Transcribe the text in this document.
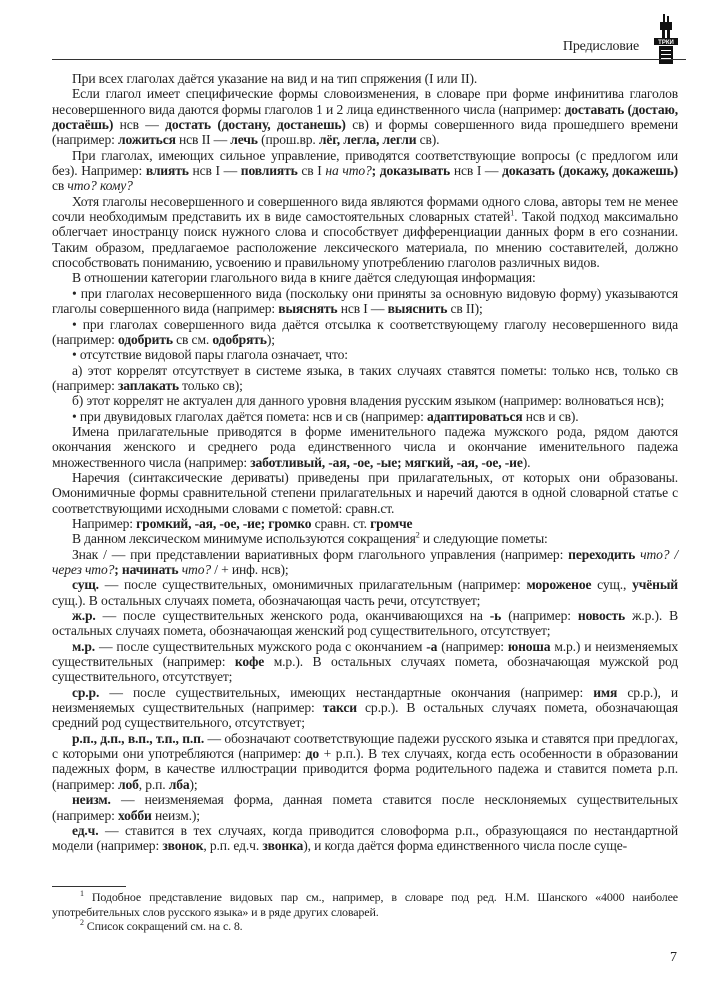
ТРКИ
Предисловие

При всех глаголах даётся указание на вид и на тип спряжения (I или II).

Если глагол имеет специфические формы словоизменения, в словаре при форме инфинитива глаголов несовершенного вида даются формы глаголов 1 и 2 лица единственного числа (например: доставать (достаю, достаёшь) нсв — достать (достану, достанешь) св) и формы совершенного вида прошедшего времени (например: ложиться нсв II — лечь (прош.вр. лёг, легла, легли св).

При глаголах, имеющих сильное управление, приводятся соответствующие вопросы (с предлогом или без). Например: влиять нсв I — повлиять св I на что?; доказывать нсв I — доказать (докажу, докажешь) св что? кому?

Хотя глаголы несовершенного и совершенного вида являются формами одного слова, авторы тем не менее сочли необходимым представить их в виде самостоятельных словарных статей$^1$. Такой подход максимально облегчает иностранцу поиск нужного слова и способствует дифференциации данных форм в его сознании. Таким образом, предлагаемое расположение лексического материала, по мнению составителей, должно способствовать пониманию, усвоению и правильному употреблению глаголов различных видов.

В отношении категории глагольного вида в книге даётся следующая информация:

• при глаголах несовершенного вида (поскольку они приняты за основную видовую форму) указываются глаголы совершенного вида (например: выяснять нсв I — выяснить св II);

• при глаголах совершенного вида даётся отсылка к соответствующему глаголу несовершенного вида (например: одобрить св см. одобрять);

• отсутствие видовой пары глагола означает, что:

а) этот коррелят отсутствует в системе языка, в таких случаях ставятся пометы: только нсв, только св (например: заплакать только св);

б) этот коррелят не актуален для данного уровня владения русским языком (например: волноваться нсв);

• при двувидовых глаголах даётся помета: нсв и св (например: адаптироваться нсв и св).

Имена прилагательные приводятся в форме именительного падежа мужского рода, рядом даются окончания женского и среднего рода единственного числа и окончание именительного падежа множественного числа (например: заботливый, -ая, -ое, -ые; мягкий, -ая, -ое, -ие).

Наречия (синтаксические дериваты) приведены при прилагательных, от которых они образованы. Омонимичные формы сравнительной степени прилагательных и наречий даются в одной словарной статье с соответствующими исходными словами с пометой: сравн.ст.

Например: громкий, -ая, -ое, -ие; громко сравн. ст. громче

В данном лексическом минимуме используются сокращения$^2$ и следующие пометы:

Знак / — при представлении вариативных форм глагольного управления (например: переходить что? / через что?; начинать что? / + инф. нсв);

сущ. — после существительных, омонимичных прилагательным (например: мороженое сущ., учёный сущ.). В остальных случаях помета, обозначающая часть речи, отсутствует;

ж.р. — после существительных женского рода, оканчивающихся на -ь (например: новость ж.р.). В остальных случаях помета, обозначающая женский род существительного, отсутствует;

м.р. — после существительных мужского рода с окончанием -а (например: юноша м.р.) и неизменяемых существительных (например: кофе м.р.). В остальных случаях помета, обозначающая мужской род существительного, отсутствует;

ср.р. — после существительных, имеющих нестандартные окончания (например: имя ср.р.), и неизменяемых существительных (например: такси ср.р.). В остальных случаях помета, обозначающая средний род существительного, отсутствует;

р.п., д.п., в.п., т.п., п.п. — обозначают соответствующие падежи русского языка и ставятся при предлогах, с которыми они употребляются (например: до + р.п.). В тех случаях, когда есть особенности в образовании падежных форм, в качестве иллюстрации приводится форма родительного падежа и ставится помета р.п. (например: лоб, р.п. лба);

неизм. — неизменяемая форма, данная помета ставится после несклоняемых существительных (например: хобби неизм.);

ед.ч. — ставится в тех случаях, когда приводится словоформа р.п., образующаяся по нестандартной модели (например: звонок, р.п. ед.ч. звонка), и когда даётся форма единственного числа после суще-

$^1$ Подобное представление видовых пар см., например, в словаре под ред. Н.М. Шанского «4000 наиболее употребительных слов русского языка» и в ряде других словарей.

$^2$ Список сокращений см. на с. 8.

7
